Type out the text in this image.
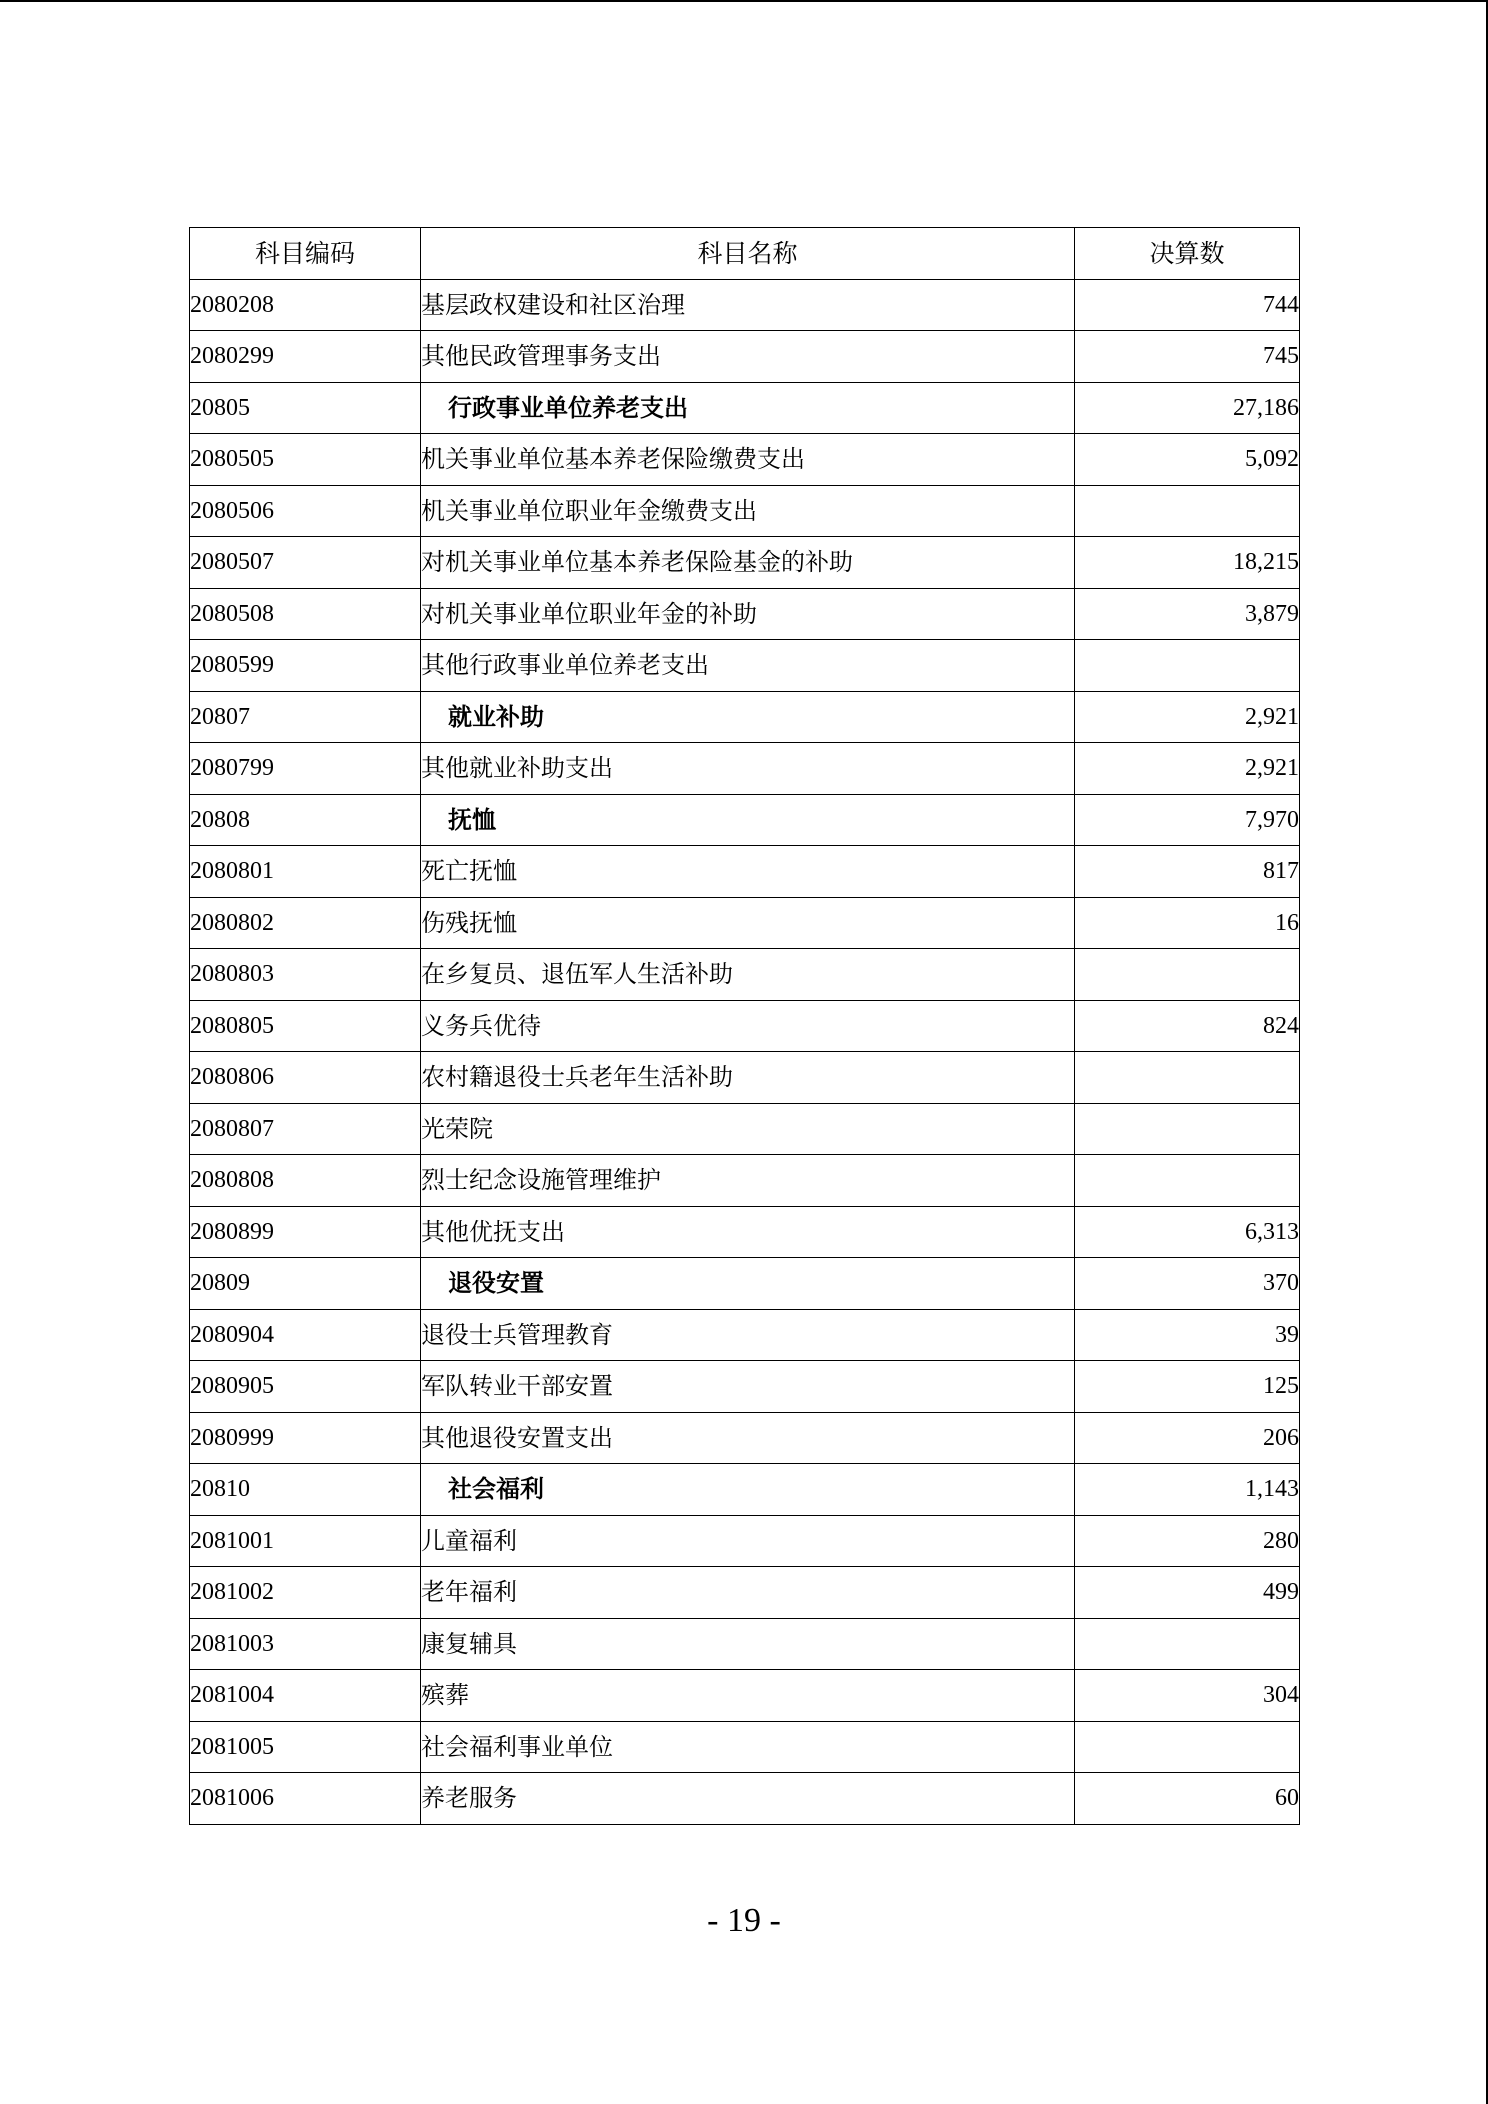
科目编码	科目名称	决算数
2080208	基层政权建设和社区治理	744
2080299	其他民政管理事务支出	745
20805	行政事业单位养老支出	27,186
2080505	机关事业单位基本养老保险缴费支出	5,092
2080506	机关事业单位职业年金缴费支出	
2080507	对机关事业单位基本养老保险基金的补助	18,215
2080508	对机关事业单位职业年金的补助	3,879
2080599	其他行政事业单位养老支出	
20807	就业补助	2,921
2080799	其他就业补助支出	2,921
20808	抚恤	7,970
2080801	死亡抚恤	817
2080802	伤残抚恤	16
2080803	在乡复员、退伍军人生活补助	
2080805	义务兵优待	824
2080806	农村籍退役士兵老年生活补助	
2080807	光荣院	
2080808	烈士纪念设施管理维护	
2080899	其他优抚支出	6,313
20809	退役安置	370
2080904	退役士兵管理教育	39
2080905	军队转业干部安置	125
2080999	其他退役安置支出	206
20810	社会福利	1,143
2081001	儿童福利	280
2081002	老年福利	499
2081003	康复辅具	
2081004	殡葬	304
2081005	社会福利事业单位	
2081006	养老服务	60
- 19 -
